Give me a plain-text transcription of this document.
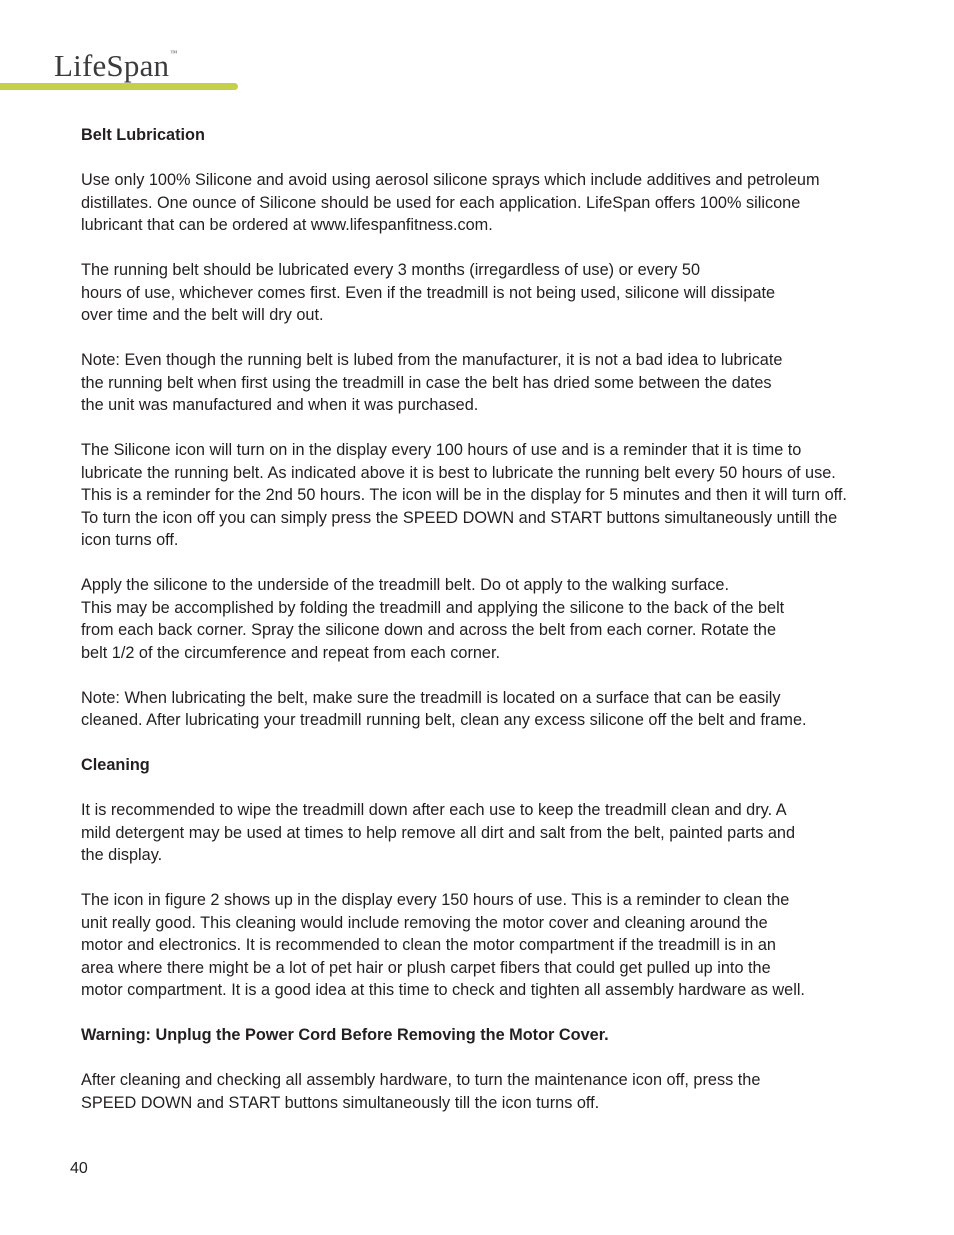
LifeSpan™
Belt Lubrication

Use only 100% Silicone and avoid using aerosol silicone sprays which include additives and petroleum
distillates. One ounce of Silicone should be used for each application. LifeSpan offers 100% silicone
lubricant that can be ordered at www.lifespanfitness.com.

The running belt should be lubricated every 3 months (irregardless of use) or every 50
hours of use, whichever comes first. Even if the treadmill is not being used, silicone will dissipate
over time and the belt will dry out.

Note: Even though the running belt is lubed from the manufacturer, it is not a bad idea to lubricate
the running belt when first using the treadmill in case the belt has dried some between the dates
the unit was manufactured and when it was purchased.

The Silicone icon will turn on in the display every 100 hours of use and is a reminder that it is time to
lubricate the running belt. As indicated above it is best to lubricate the running belt every 50 hours of use.
This is a reminder for the 2nd 50 hours. The icon will be in the display for 5 minutes and then it will turn off.
To turn the icon off you can simply press the SPEED DOWN and START buttons simultaneously untill the
icon turns off.

Apply the silicone to the underside of the treadmill belt. Do ot apply to the walking surface.
This may be accomplished by folding the treadmill and applying the silicone to the back of the belt
from each back corner. Spray the silicone down and across the belt from each corner. Rotate the
belt 1/2 of the circumference and repeat from each corner.

Note: When lubricating the belt, make sure the treadmill is located on a surface that can be easily
cleaned. After lubricating your treadmill running belt, clean any excess silicone off the belt and frame.

Cleaning

It is recommended to wipe the treadmill down after each use to keep the treadmill clean and dry. A
mild detergent may be used at times to help remove all dirt and salt from the belt, painted parts and
the display.

The icon in figure 2 shows up in the display every 150 hours of use. This is a reminder to clean the
unit really good. This cleaning would include removing the motor cover and cleaning around the
motor and electronics. It is recommended to clean the motor compartment if the treadmill is in an
area where there might be a lot of pet hair or plush carpet fibers that could get pulled up into the
motor compartment. It is a good idea at this time to check and tighten all assembly hardware as well.

Warning: Unplug the Power Cord Before Removing the Motor Cover.

After cleaning and checking all assembly hardware, to turn the maintenance icon off, press the
SPEED DOWN and START buttons simultaneously till the icon turns off.

40
